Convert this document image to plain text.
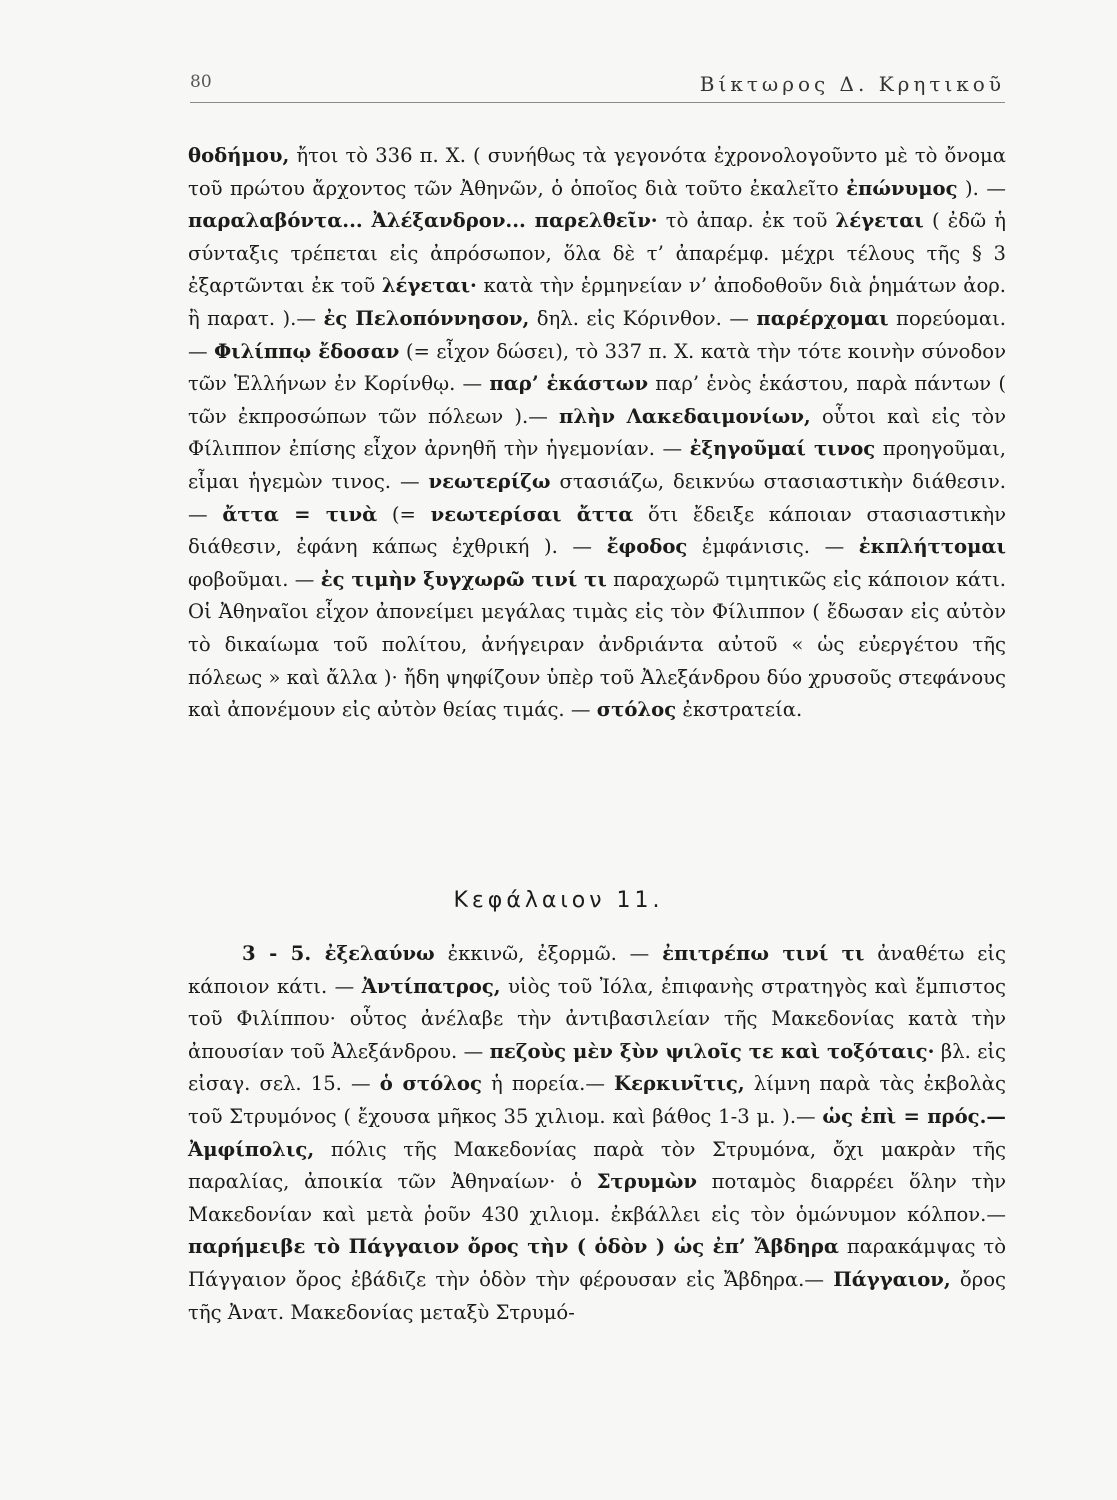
80	Βίκτωρος Δ. Κρητικοῦ

θοδήμου, ἤτοι τὸ 336 π. Χ. ( συνήθως τὰ γεγονότα ἐχρονολογοῦντο μὲ τὸ ὄνομα τοῦ πρώτου ἄρχοντος τῶν Ἀθηνῶν, ὁ ὁποῖος διὰ τοῦτο ἐκαλεῖτο ἐπώνυμος ). — παραλαβόντα... Ἀλέξανδρον... παρελθεῖν· τὸ ἀπαρ. ἐκ τοῦ λέγεται ( ἐδῶ ἡ σύνταξις τρέπεται εἰς ἀπρόσωπον, ὅλα δὲ τ’ ἀπαρέμφ. μέχρι τέλους τῆς § 3 ἐξαρτῶνται ἐκ τοῦ λέγεται· κατὰ τὴν ἑρμηνείαν ν’ ἀποδοθοῦν διὰ ῥημάτων ἀορ. ἢ παρατ. ).— ἐς Πελοπόννησον, δηλ. εἰς Κόρινθον. — παρέρχομαι πορεύομαι. — Φιλίππῳ ἔδοσαν (= εἶχον δώσει), τὸ 337 π. Χ. κατὰ τὴν τότε κοινὴν σύνοδον τῶν Ἑλλήνων ἐν Κορίνθῳ. — παρ’ ἑκάστων παρ’ ἑνὸς ἑκάστου, παρὰ πάντων ( τῶν ἐκπροσώπων τῶν πόλεων ).— πλὴν Λακεδαιμονίων, οὗτοι καὶ εἰς τὸν Φίλιππον ἐπίσης εἶχον ἀρνηθῆ τὴν ἡγεμονίαν. — ἐξηγοῦμαί τινος προηγοῦμαι, εἶμαι ἡγεμὼν τινος. — νεωτερίζω στασιάζω, δεικνύω στασιαστικὴν διάθεσιν. — ἄττα = τινὰ (= νεωτερίσαι ἄττα ὅτι ἔδειξε κάποιαν στασιαστικὴν διάθεσιν, ἐφάνη κάπως ἐχθρική ). — ἔφοδος ἐμφάνισις. — ἐκπλήττομαι φοβοῦμαι. — ἐς τιμὴν ξυγχωρῶ τινί τι παραχωρῶ τιμητικῶς εἰς κάποιον κάτι. Οἱ Ἀθηναῖοι εἶχον ἀπονείμει μεγάλας τιμὰς εἰς τὸν Φίλιππον ( ἔδωσαν εἰς αὐτὸν τὸ δικαίωμα τοῦ πολίτου, ἀνήγειραν ἀνδριάντα αὐτοῦ « ὡς εὐεργέτου τῆς πόλεως » καὶ ἄλλα )· ἤδη ψηφίζουν ὑπὲρ τοῦ Ἀλεξάνδρου δύο χρυσοῦς στεφάνους καὶ ἀπονέμουν εἰς αὐτὸν θείας τιμάς. — στόλος ἐκστρατεία.

Κεφάλαιον 11.

3 - 5. ἐξελαύνω ἐκκινῶ, ἐξορμῶ. — ἐπιτρέπω τινί τι ἀναθέτω εἰς κάποιον κάτι. — Ἀντίπατρος, υἱὸς τοῦ Ἰόλα, ἐπιφανὴς στρατηγὸς καὶ ἔμπιστος τοῦ Φιλίππου· οὗτος ἀνέλαβε τὴν ἀντιβασιλείαν τῆς Μακεδονίας κατὰ τὴν ἀπουσίαν τοῦ Ἀλεξάνδρου. — πεζοὺς μὲν ξὺν ψιλοῖς τε καὶ τοξόταις· βλ. εἰς εἰσαγ. σελ. 15. — ὁ στόλος ἡ πορεία.— Κερκινῖτις, λίμνη παρὰ τὰς ἐκβολὰς τοῦ Στρυμόνος ( ἔχουσα μῆκος 35 χιλιομ. καὶ βάθος 1-3 μ. ).— ὡς ἐπὶ = πρός.— Ἀμφίπολις, πόλις τῆς Μακεδονίας παρὰ τὸν Στρυμόνα, ὄχι μακρὰν τῆς παραλίας, ἀποικία τῶν Ἀθηναίων· ὁ Στρυμὼν ποταμὸς διαρρέει ὅλην τὴν Μακεδονίαν καὶ μετὰ ῥοῦν 430 χιλιομ. ἐκβάλλει εἰς τὸν ὁμώνυμον κόλπον.— παρήμειβε τὸ Πάγγαιον ὄρος τὴν ( ὁδὸν ) ὡς ἐπ’ Ἄβδηρα παρακάμψας τὸ Πάγγαιον ὄρος ἐβάδιζε τὴν ὁδὸν τὴν φέρουσαν εἰς Ἄβδηρα.— Πάγγαιον, ὄρος τῆς Ἀνατ. Μακεδονίας μεταξὺ Στρυμό-
